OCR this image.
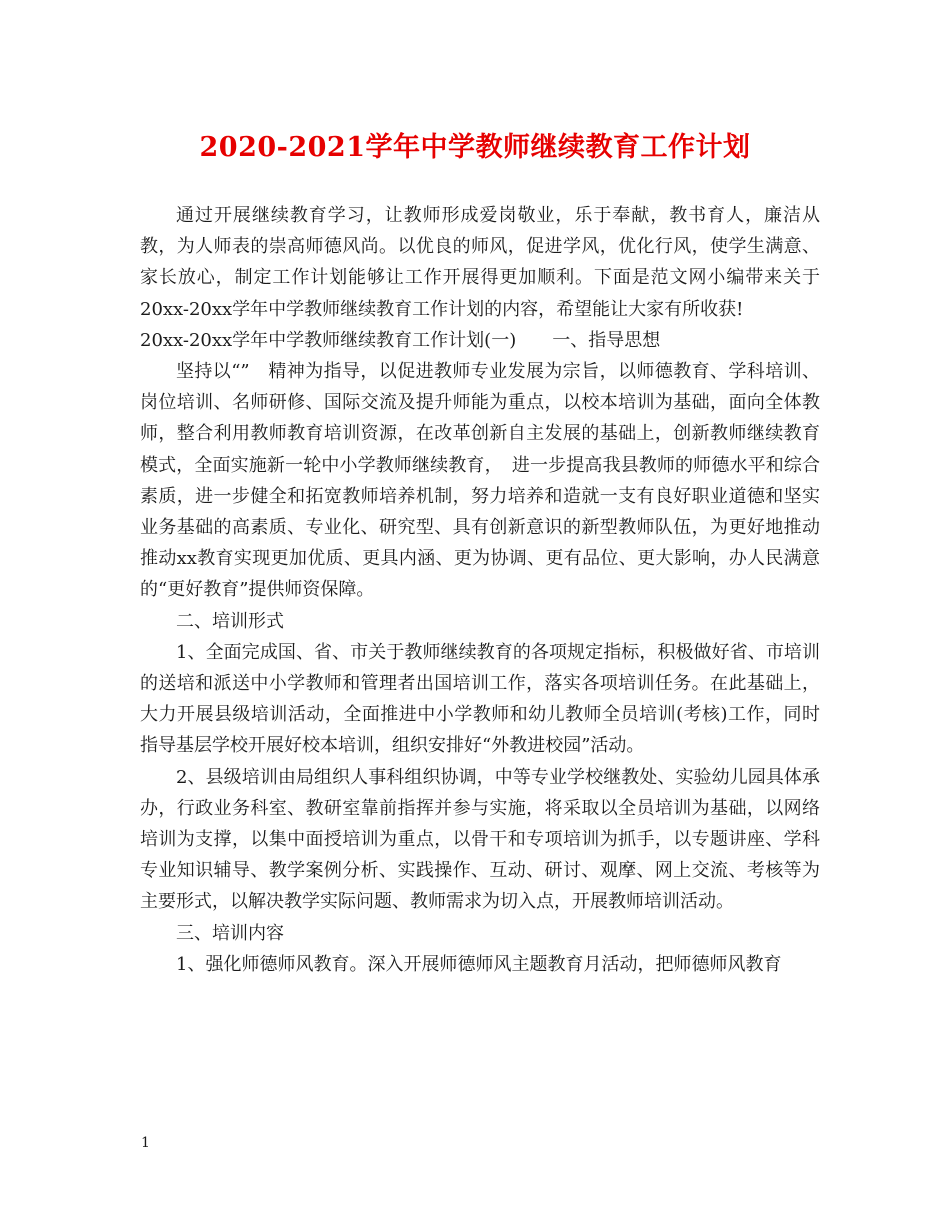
2020-2021学年中学教师继续教育工作计划

通过开展继续教育学习，让教师形成爱岗敬业，乐于奉献，教书育人，廉洁从教，为人师表的崇高师德风尚。以优良的师风，促进学风，优化行风，使学生满意、家长放心，制定工作计划能够让工作开展得更加顺利。下面是范文网小编带来关于20xx-20xx学年中学教师继续教育工作计划的内容，希望能让大家有所收获!

20xx-20xx学年中学教师继续教育工作计划(一)　　一、指导思想

坚持以“”　精神为指导，以促进教师专业发展为宗旨，以师德教育、学科培训、岗位培训、名师研修、国际交流及提升师能为重点，以校本培训为基础，面向全体教师，整合利用教师教育培训资源，在改革创新自主发展的基础上，创新教师继续教育模式，全面实施新一轮中小学教师继续教育，　进一步提高我县教师的师德水平和综合素质，进一步健全和拓宽教师培养机制，努力培养和造就一支有良好职业道德和坚实业务基础的高素质、专业化、研究型、具有创新意识的新型教师队伍，为更好地推动推动xx教育实现更加优质、更具内涵、更为协调、更有品位、更大影响，办人民满意的“更好教育”提供师资保障。

二、培训形式

1、全面完成国、省、市关于教师继续教育的各项规定指标，积极做好省、市培训的送培和派送中小学教师和管理者出国培训工作，落实各项培训任务。在此基础上，大力开展县级培训活动，全面推进中小学教师和幼儿教师全员培训(考核)工作，同时指导基层学校开展好校本培训，组织安排好“外教进校园”活动。

2、县级培训由局组织人事科组织协调，中等专业学校继教处、实验幼儿园具体承办，行政业务科室、教研室靠前指挥并参与实施，将采取以全员培训为基础，以网络培训为支撑，以集中面授培训为重点，以骨干和专项培训为抓手，以专题讲座、学科专业知识辅导、教学案例分析、实践操作、互动、研讨、观摩、网上交流、考核等为主要形式，以解决教学实际问题、教师需求为切入点，开展教师培训活动。

三、培训内容

1、强化师德师风教育。深入开展师德师风主题教育月活动，把师德师风教育

1
